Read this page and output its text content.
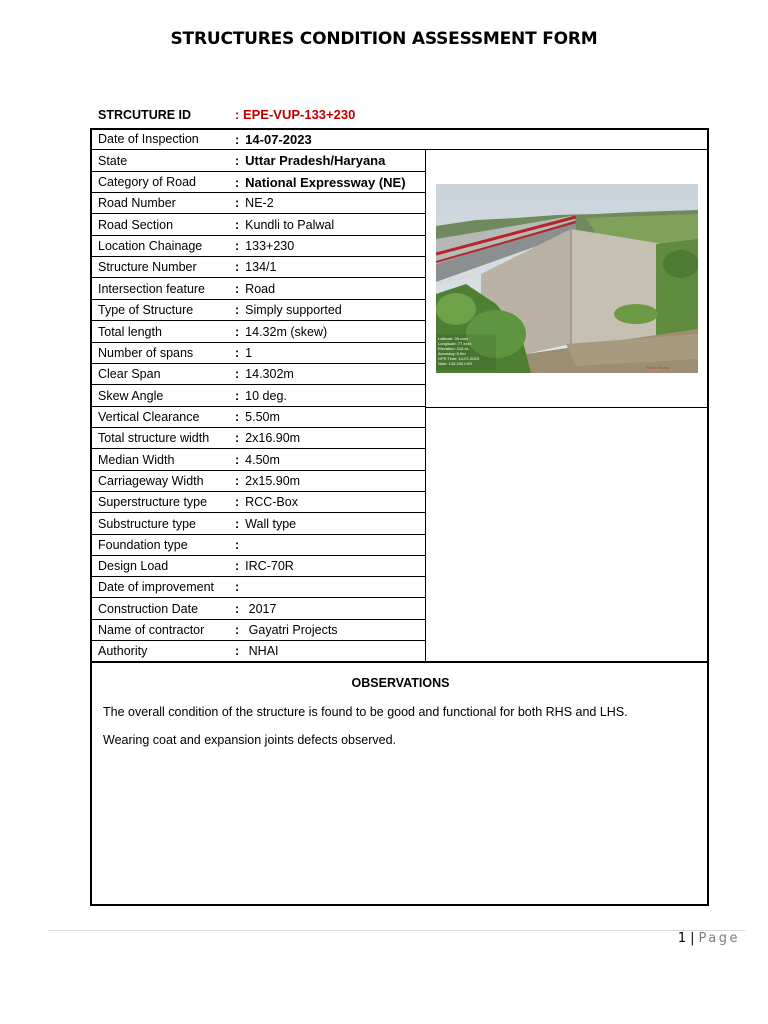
STRUCTURES CONDITION ASSESSMENT FORM
STRCUTURE ID	: EPE-VUP-133+230
Date of Inspection	: 14-07-2023
State	: Uttar Pradesh/Haryana
Category of Road	: National Expressway (NE)
Road Number	: NE-2
Road Section	: Kundli to Palwal
Location Chainage	: 133+230
Structure Number	: 134/1
Intersection feature : Road
Type of Structure	: Simply supported
Total length	: 14.32m (skew)
Number of spans	: 1
Clear Span	: 14.302m
Skew Angle	: 10 deg.
Vertical Clearance	: 5.50m
Total structure width : 2x16.90m
Median Width	: 4.50m
Carriageway Width	: 2x15.90m
Superstructure type : RCC-Box
Substructure type	: Wall type
Foundation type	:
Design Load	: IRC-70R
Date of improvement :
Construction Date	: 2017
Name of contractor : Gayatri Projects
Authority	: NHAI
Latitude: 28.xxxx
Longitude: 77.xxxx
Elevation: 216.xx
Accuracy: 5.0m
GPS Time: 14-07-2023
Note: 133.230 LHS
Photo Stamp
OBSERVATIONS
The overall condition of the structure is found to be good and functional for both RHS and LHS.
Wearing coat and expansion joints defects observed.
1 | Page
